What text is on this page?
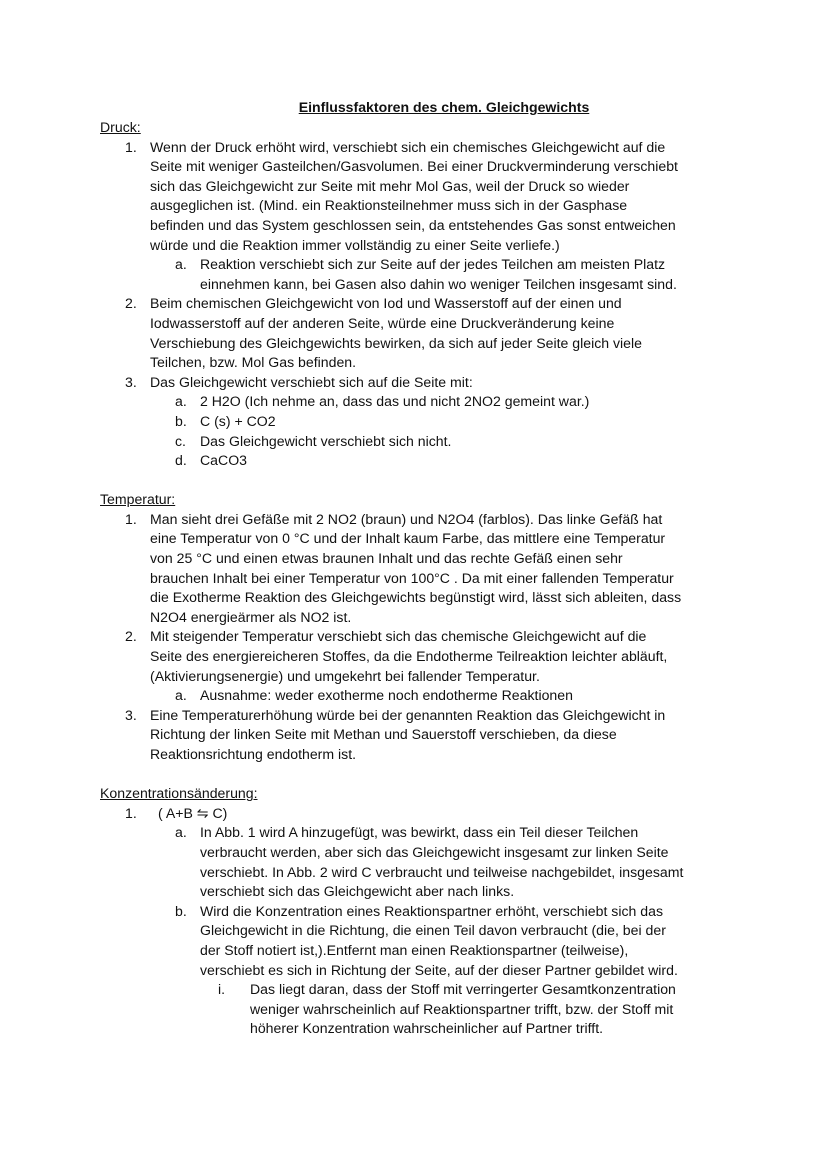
Einflussfaktoren des chem. Gleichgewichts
Druck:
1. Wenn der Druck erhöht wird, verschiebt sich ein chemisches Gleichgewicht auf die
Seite mit weniger Gasteilchen/Gasvolumen. Bei einer Druckverminderung verschiebt
sich das Gleichgewicht zur Seite mit mehr Mol Gas, weil der Druck so wieder
ausgeglichen ist. (Mind. ein Reaktionsteilnehmer muss sich in der Gasphase
befinden und das System geschlossen sein, da entstehendes Gas sonst entweichen
würde und die Reaktion immer vollständig zu einer Seite verliefe.)
a. Reaktion verschiebt sich zur Seite auf der jedes Teilchen am meisten Platz
einnehmen kann, bei Gasen also dahin wo weniger Teilchen insgesamt sind.
2. Beim chemischen Gleichgewicht von Iod und Wasserstoff auf der einen und
Iodwasserstoff auf der anderen Seite, würde eine Druckveränderung keine
Verschiebung des Gleichgewichts bewirken, da sich auf jeder Seite gleich viele
Teilchen, bzw. Mol Gas befinden.
3. Das Gleichgewicht verschiebt sich auf die Seite mit:
a. 2 H2O (Ich nehme an, dass das und nicht 2NO2 gemeint war.)
b. C (s) + CO2
c. Das Gleichgewicht verschiebt sich nicht.
d. CaCO3
Temperatur:
1. Man sieht drei Gefäße mit 2 NO2 (braun) und N2O4 (farblos). Das linke Gefäß hat
eine Temperatur von 0 °C und der Inhalt kaum Farbe, das mittlere eine Temperatur
von 25 °C und einen etwas braunen Inhalt und das rechte Gefäß einen sehr
brauchen Inhalt bei einer Temperatur von 100°C . Da mit einer fallenden Temperatur
die Exotherme Reaktion des Gleichgewichts begünstigt wird, lässt sich ableiten, dass
N2O4 energieärmer als NO2 ist.
2. Mit steigender Temperatur verschiebt sich das chemische Gleichgewicht auf die
Seite des energiereicheren Stoffes, da die Endotherme Teilreaktion leichter abläuft,
(Aktivierungsenergie) und umgekehrt bei fallender Temperatur.
a. Ausnahme: weder exotherme noch endotherme Reaktionen
3. Eine Temperaturerhöhung würde bei der genannten Reaktion das Gleichgewicht in
Richtung der linken Seite mit Methan und Sauerstoff verschieben, da diese
Reaktionsrichtung endotherm ist.
Konzentrationsänderung:
1.	( A+B ⇋ C)
a. In Abb. 1 wird A hinzugefügt, was bewirkt, dass ein Teil dieser Teilchen
verbraucht werden, aber sich das Gleichgewicht insgesamt zur linken Seite
verschiebt. In Abb. 2 wird C verbraucht und teilweise nachgebildet, insgesamt
verschiebt sich das Gleichgewicht aber nach links.
b. Wird die Konzentration eines Reaktionspartner erhöht, verschiebt sich das
Gleichgewicht in die Richtung, die einen Teil davon verbraucht (die, bei der
der Stoff notiert ist,).Entfernt man einen Reaktionspartner (teilweise),
verschiebt es sich in Richtung der Seite, auf der dieser Partner gebildet wird.
i. Das liegt daran, dass der Stoff mit verringerter Gesamtkonzentration
weniger wahrscheinlich auf Reaktionspartner trifft, bzw. der Stoff mit
höherer Konzentration wahrscheinlicher auf Partner trifft.
